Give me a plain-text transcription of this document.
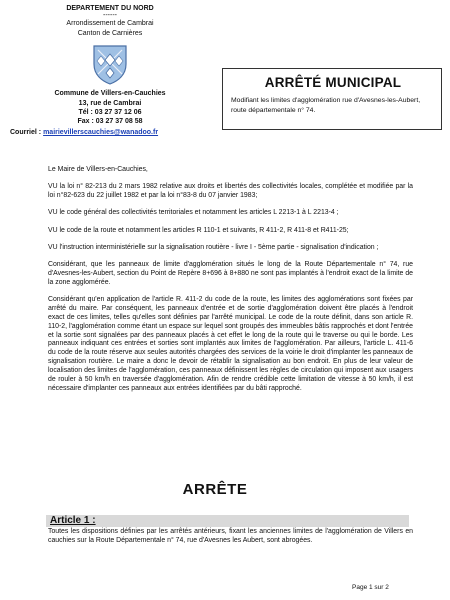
DEPARTEMENT DU NORD
------
Arrondissement de Cambrai
Canton de Carnières
Commune de Villers-en-Cauchies
13, rue de Cambrai
Tél : 03 27 37 12 06
Fax : 03 27 37 08 58
Courriel : mairievillerscauchies@wanadoo.fr
ARRÊTÉ MUNICIPAL
Modifiant les limites d'agglomération rue d'Avesnes-les-Aubert, route départementale n° 74.

Le Maire de Villers-en-Cauchies,

VU la loi n° 82-213 du 2 mars 1982 relative aux droits et libertés des collectivités locales, complétée et modifiée par la loi n°82-623 du 22 juillet 1982 et par la loi n°83-8 du 07 janvier 1983;

VU le code général des collectivités territoriales et notamment les articles L 2213-1 à L 2213-4 ;

VU le code de la route et notamment les articles R 110-1 et suivants, R 411-2, R 411-8 et R411-25;

VU l'instruction interministérielle sur la signalisation routière - livre I - 5ème partie - signalisation d'indication ;

Considérant, que les panneaux de limite d'agglomération situés le long de la Route Départementale n° 74, rue d'Avesnes-les-Aubert, section du Point de Repère 8+696 à 8+880 ne sont pas implantés à l'endroit exact de la limite de la zone agglomérée.

Considérant qu'en application de l'article R. 411-2 du code de la route, les limites des agglomérations sont fixées par arrêté du maire. Par conséquent, les panneaux d'entrée et de sortie d'agglomération doivent être placés à l'endroit exact de ces limites, telles qu'elles sont définies par l'arrêté municipal. Le code de la route définit, dans son article R. 110-2, l'agglomération comme étant un espace sur lequel sont groupés des immeubles bâtis rapprochés et dont l'entrée et la sortie sont signalées par des panneaux placés à cet effet le long de la route qui le traverse ou qui le borde. Les panneaux indiquant ces entrées et sorties sont implantés aux limites de l'agglomération. Par ailleurs, l'article L. 411-6 du code de la route réserve aux seules autorités chargées des services de la voirie le droit d'implanter les panneaux de signalisation routière. Le maire a donc le devoir de rétablir la signalisation au bon endroit. En plus de leur valeur de localisation des limites de l'agglomération, ces panneaux définissent les règles de circulation qui imposent aux usagers de rouler à 50 km/h en traversée d'agglomération. Afin de rendre crédible cette limitation de vitesse à 50 km/h, il est nécessaire d'implanter ces panneaux aux entrées identifiées par du bâti rapproché.

ARRÊTE
Article 1 :
Toutes les dispositions définies par les arrêtés antérieurs, fixant les anciennes limites de l'agglomération de Villers en cauchies sur la Route Départementale n° 74, rue d'Avesnes les Aubert, sont abrogées.
Page 1 sur 2
